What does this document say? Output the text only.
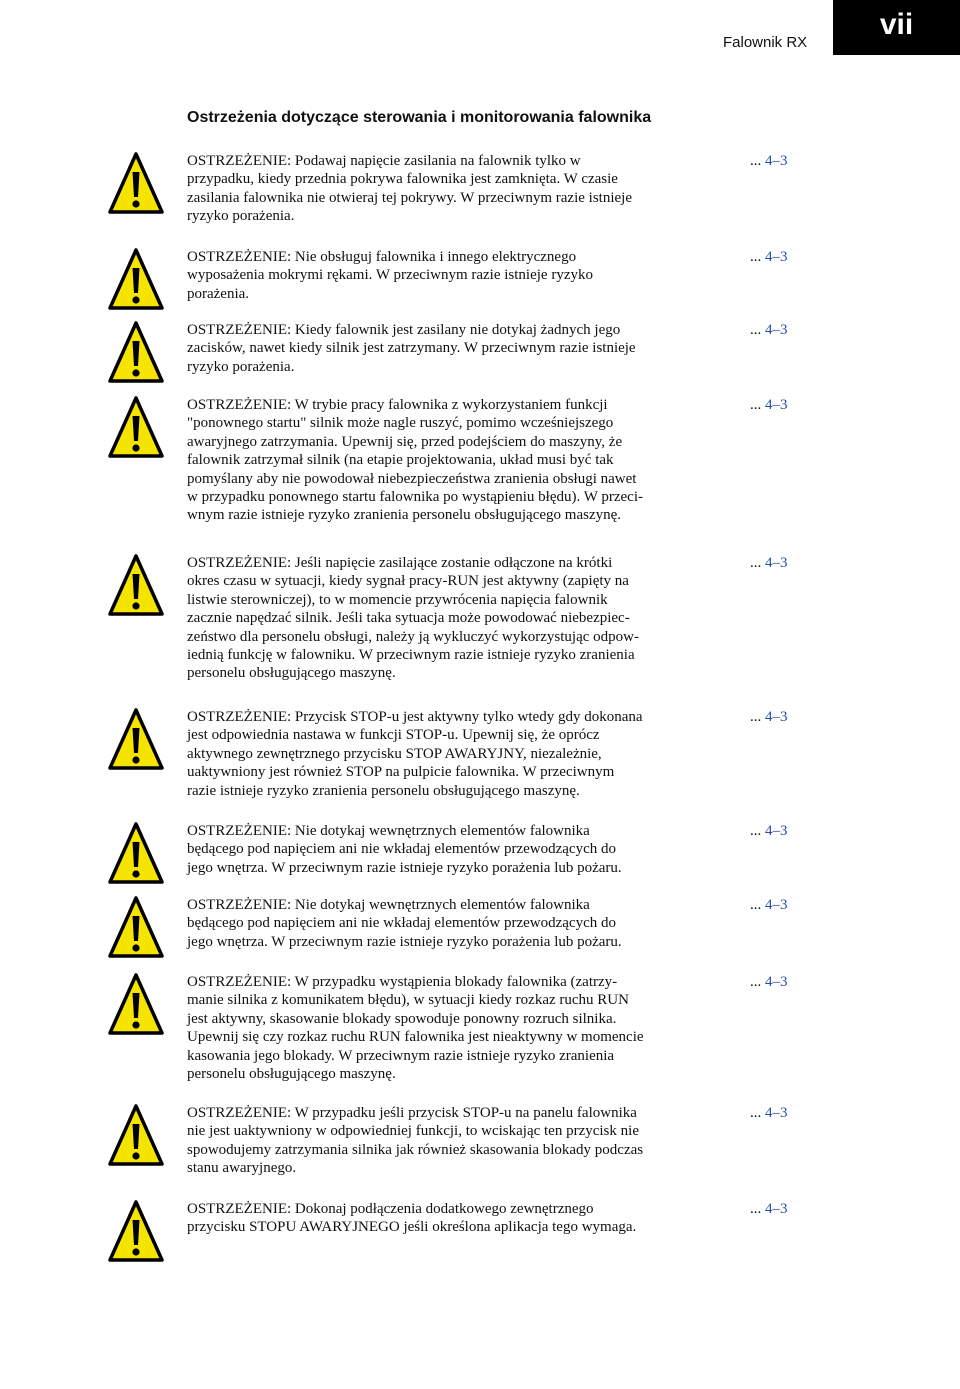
Falownik RX
vii
Ostrzeżenia dotyczące sterowania i monitorowania falownika
OSTRZEŻENIE: Podawaj napięcie zasilania na falownik tylko w
przypadku, kiedy przednia pokrywa falownika jest zamknięta. W czasie
zasilania falownika nie otwieraj tej pokrywy. W przeciwnym razie istnieje
ryzyko porażenia.
... 4–3
OSTRZEŻENIE: Nie obsługuj falownika i innego elektrycznego
wyposażenia mokrymi rękami. W przeciwnym razie istnieje ryzyko
porażenia.
... 4–3
OSTRZEŻENIE: Kiedy falownik jest zasilany nie dotykaj żadnych jego
zacisków, nawet kiedy silnik jest zatrzymany. W przeciwnym razie istnieje
ryzyko porażenia.
... 4–3
OSTRZEŻENIE: W trybie pracy falownika z wykorzystaniem funkcji
"ponownego startu" silnik może nagle ruszyć, pomimo wcześniejszego
awaryjnego zatrzymania. Upewnij się, przed podejściem do maszyny, że
falownik zatrzymał silnik (na etapie projektowania, układ musi być tak
pomyślany aby nie powodował niebezpieczeństwa zranienia obsługi nawet
w przypadku ponownego startu falownika po wystąpieniu błędu). W przeci-
wnym razie istnieje ryzyko zranienia personelu obsługującego maszynę.
... 4–3
OSTRZEŻENIE: Jeśli napięcie zasilające zostanie odłączone na krótki
okres czasu w sytuacji, kiedy sygnał pracy-RUN jest aktywny (zapięty na
listwie sterowniczej), to w momencie przywrócenia napięcia falownik
zacznie napędzać silnik. Jeśli taka sytuacja może powodować niebezpiec-
zeństwo dla personelu obsługi, należy ją wykluczyć wykorzystując odpow-
iednią funkcję w falowniku. W przeciwnym razie istnieje ryzyko zranienia
personelu obsługującego maszynę.
... 4–3
OSTRZEŻENIE: Przycisk STOP-u jest aktywny tylko wtedy gdy dokonana
jest odpowiednia nastawa w funkcji STOP-u. Upewnij się, że oprócz
aktywnego zewnętrznego przycisku STOP AWARYJNY, niezależnie,
uaktywniony jest również STOP na pulpicie falownika. W przeciwnym
razie istnieje ryzyko zranienia personelu obsługującego maszynę.
... 4–3
OSTRZEŻENIE: Nie dotykaj wewnętrznych elementów falownika
będącego pod napięciem ani nie wkładaj elementów przewodzących do
jego wnętrza. W przeciwnym razie istnieje ryzyko porażenia lub pożaru.
... 4–3
OSTRZEŻENIE: Nie dotykaj wewnętrznych elementów falownika
będącego pod napięciem ani nie wkładaj elementów przewodzących do
jego wnętrza. W przeciwnym razie istnieje ryzyko porażenia lub pożaru.
... 4–3
OSTRZEŻENIE: W przypadku wystąpienia blokady falownika (zatrzy-
manie silnika z komunikatem błędu), w sytuacji kiedy rozkaz ruchu RUN
jest aktywny, skasowanie blokady spowoduje ponowny rozruch silnika.
Upewnij się czy rozkaz ruchu RUN falownika jest nieaktywny w momencie
kasowania jego blokady. W przeciwnym razie istnieje ryzyko zranienia
personelu obsługującego maszynę.
... 4–3
OSTRZEŻENIE: W przypadku jeśli przycisk STOP-u na panelu falownika
nie jest uaktywniony w odpowiedniej funkcji, to wciskając ten przycisk nie
spowodujemy zatrzymania silnika jak również skasowania blokady podczas
stanu awaryjnego.
... 4–3
OSTRZEŻENIE: Dokonaj podłączenia dodatkowego zewnętrznego
przycisku STOPU AWARYJNEGO jeśli określona aplikacja tego wymaga.
... 4–3
